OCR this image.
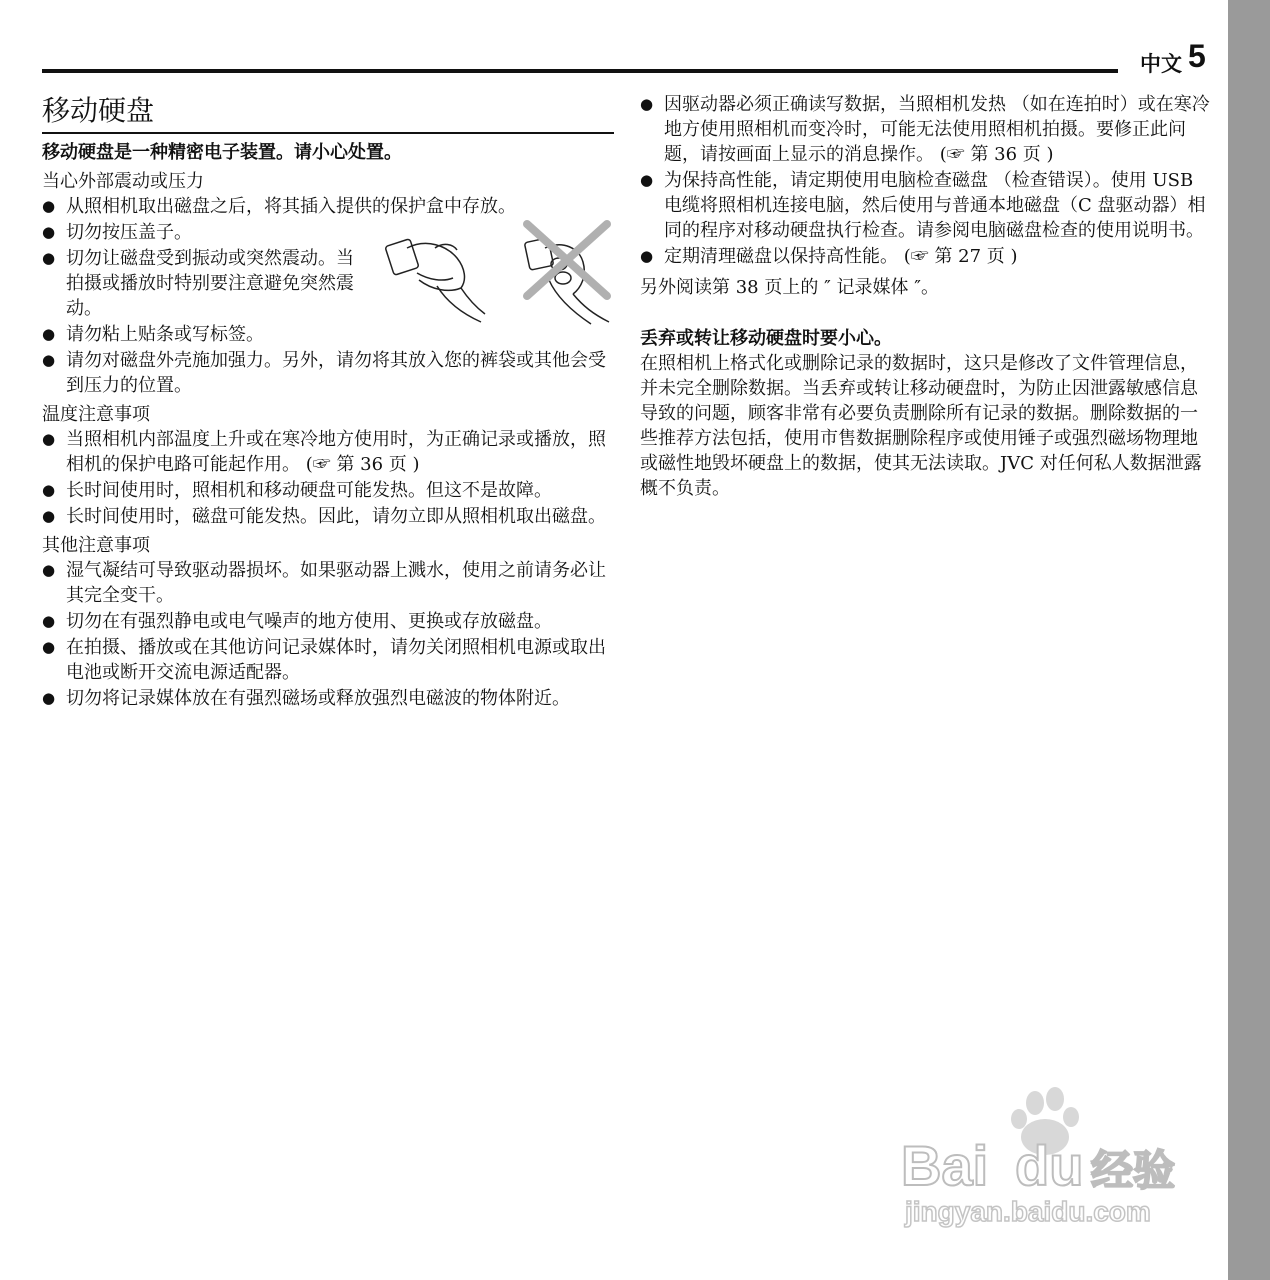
中文 5
移动硬盘
移动硬盘是一种精密电子装置。请小心处置。
当心外部震动或压力
● 从照相机取出磁盘之后，将其插入提供的保护盒中存放。
● 切勿按压盖子。
● 切勿让磁盘受到振动或突然震动。当拍摄或播放时特别要注意避免突然震动。
● 请勿粘上贴条或写标签。
● 请勿对磁盘外壳施加强力。另外，请勿将其放入您的裤袋或其他会受到压力的位置。
温度注意事项
● 当照相机内部温度上升或在寒冷地方使用时，为正确记录或播放，照相机的保护电路可能起作用。 (☞ 第 36 页 )
● 长时间使用时，照相机和移动硬盘可能发热。但这不是故障。
● 长时间使用时，磁盘可能发热。因此，请勿立即从照相机取出磁盘。
其他注意事项
● 湿气凝结可导致驱动器损坏。如果驱动器上溅水，使用之前请务必让其完全变干。
● 切勿在有强烈静电或电气噪声的地方使用、更换或存放磁盘。
● 在拍摄、播放或在其他访问记录媒体时，请勿关闭照相机电源或取出电池或断开交流电源适配器。
● 切勿将记录媒体放在有强烈磁场或释放强烈电磁波的物体附近。
● 因驱动器必须正确读写数据，当照相机发热 （如在连拍时）或在寒冷地方使用照相机而变冷时，可能无法使用照相机拍摄。要修正此问题，请按画面上显示的消息操作。 (☞ 第 36 页 )
● 为保持高性能，请定期使用电脑检查磁盘 （检查错误）。使用 USB 电缆将照相机连接电脑，然后使用与普通本地磁盘（C 盘驱动器）相同的程序对移动硬盘执行检查。请参阅电脑磁盘检查的使用说明书。
● 定期清理磁盘以保持高性能。 (☞ 第 27 页 )

另外阅读第 38 页上的 ″ 记录媒体 ″。

丢弃或转让移动硬盘时要小心。

在照相机上格式化或删除记录的数据时，这只是修改了文件管理信息，并未完全删除数据。当丢弃或转让移动硬盘时，为防止因泄露敏感信息导致的问题，顾客非常有必要负责删除所有记录的数据。删除数据的一些推荐方法包括，使用市售数据删除程序或使用锤子或强烈磁场物理地或磁性地毁坏硬盘上的数据，使其无法读取。JVC 对任何私人数据泄露概不负责。

Bai du 经验
jingyan.baidu.com
